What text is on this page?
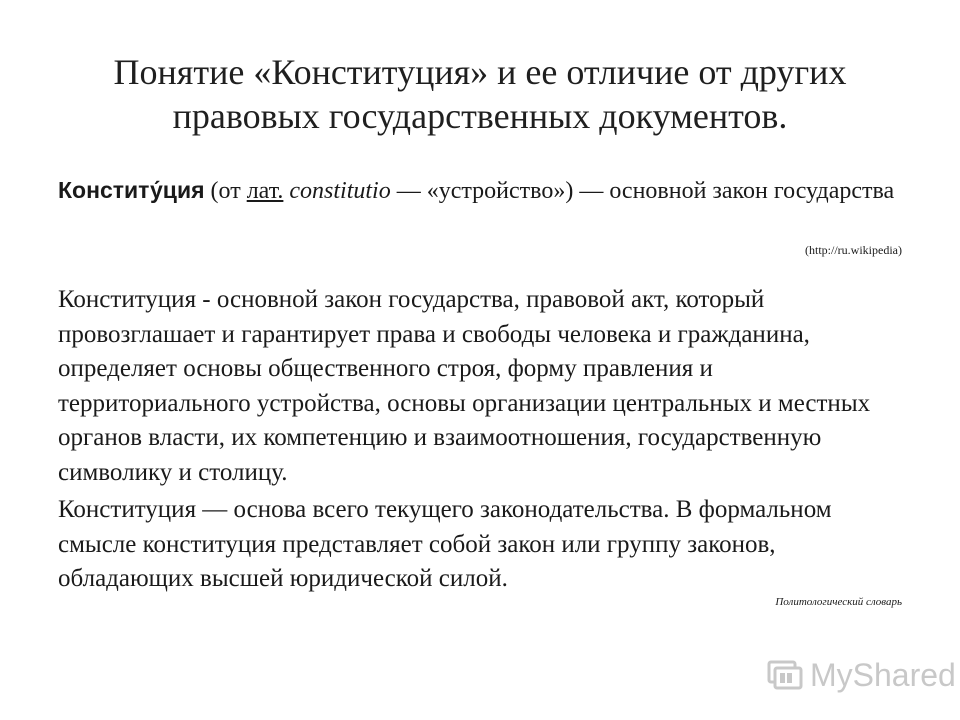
Понятие «Конституция» и ее отличие от других
правовых государственных документов.
Конститу́ция (от лат. constitutio — «устройство») — основной закон государства
(http://ru.wikipedia)
Конституция - основной закон государства, правовой акт, который провозглашает и гарантирует права и свободы человека и гражданина, определяет основы общественного строя, форму правления и территориального устройства, основы организации центральных и местных органов власти, их компетенцию и взаимоотношения, государственную символику и столицу.
Конституция — основа всего текущего законодательства. В формальном смысле конституция представляет собой закон или группу законов, обладающих высшей юридической силой.
Политологический словарь
MyShared
